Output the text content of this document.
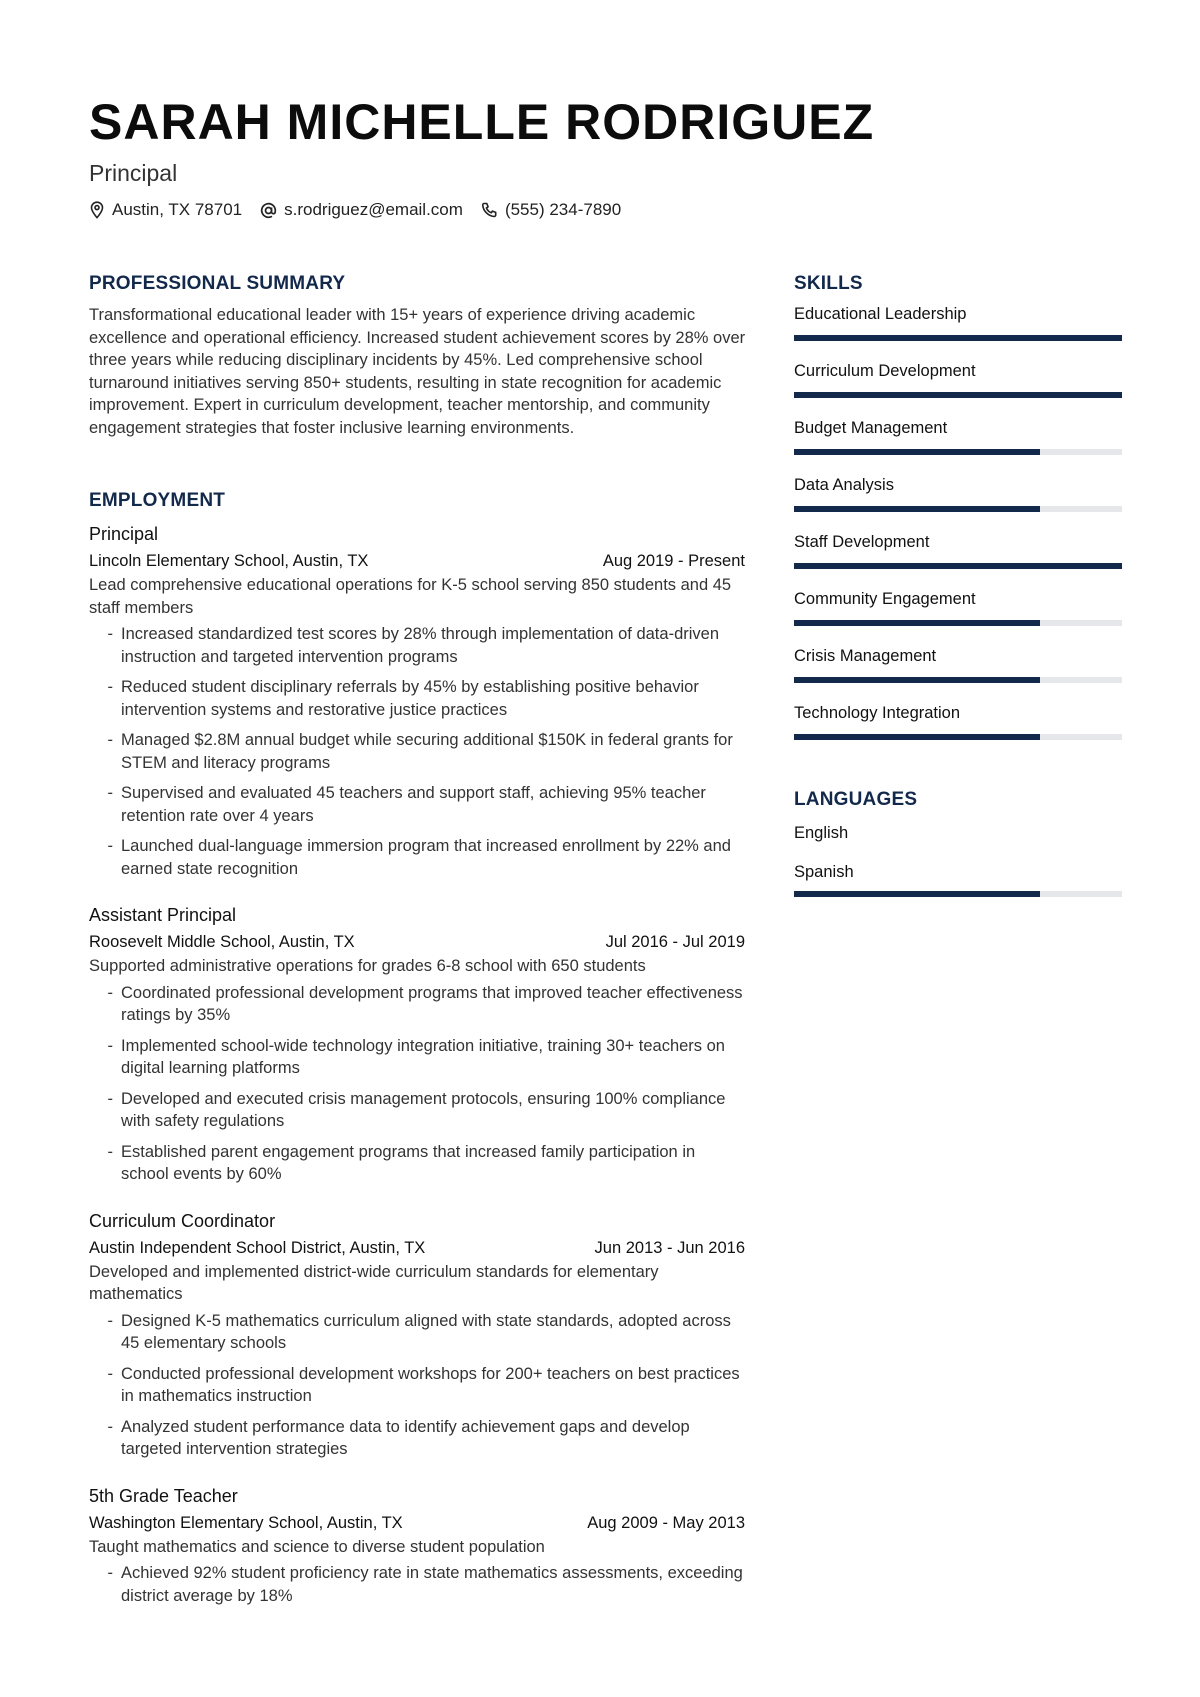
SARAH MICHELLE RODRIGUEZ
Principal
Austin, TX 78701 s.rodriguez@email.com (555) 234-7890
PROFESSIONAL SUMMARY

Transformational educational leader with 15+ years of experience driving academic excellence and operational efficiency. Increased student achievement scores by 28% over three years while reducing disciplinary incidents by 45%. Led comprehensive school turnaround initiatives serving 850+ students, resulting in state recognition for academic improvement. Expert in curriculum development, teacher mentorship, and community engagement strategies that foster inclusive learning environments.

EMPLOYMENT
Principal
Lincoln Elementary School, Austin, TX	Aug 2019 - Present

Lead comprehensive educational operations for K-5 school serving 850 students and 45 staff members

- Increased standardized test scores by 28% through implementation of data-driven instruction and targeted intervention programs
- Reduced student disciplinary referrals by 45% by establishing positive behavior intervention systems and restorative justice practices
- Managed $2.8M annual budget while securing additional $150K in federal grants for STEM and literacy programs
- Supervised and evaluated 45 teachers and support staff, achieving 95% teacher retention rate over 4 years
- Launched dual-language immersion program that increased enrollment by 22% and earned state recognition
Assistant Principal
Roosevelt Middle School, Austin, TX	Jul 2016 - Jul 2019

Supported administrative operations for grades 6-8 school with 650 students

- Coordinated professional development programs that improved teacher effectiveness ratings by 35%
- Implemented school-wide technology integration initiative, training 30+ teachers on digital learning platforms
- Developed and executed crisis management protocols, ensuring 100% compliance with safety regulations
- Established parent engagement programs that increased family participation in school events by 60%
Curriculum Coordinator
Austin Independent School District, Austin, TX	Jun 2013 - Jun 2016

Developed and implemented district-wide curriculum standards for elementary mathematics

- Designed K-5 mathematics curriculum aligned with state standards, adopted across 45 elementary schools
- Conducted professional development workshops for 200+ teachers on best practices in mathematics instruction
- Analyzed student performance data to identify achievement gaps and develop targeted intervention strategies
5th Grade Teacher
Washington Elementary School, Austin, TX	Aug 2009 - May 2013

Taught mathematics and science to diverse student population

- Achieved 92% student proficiency rate in state mathematics assessments, exceeding district average by 18%
SKILLS
Educational Leadership
Curriculum Development
Budget Management
Data Analysis
Staff Development
Community Engagement
Crisis Management
Technology Integration
LANGUAGES
English
Spanish
